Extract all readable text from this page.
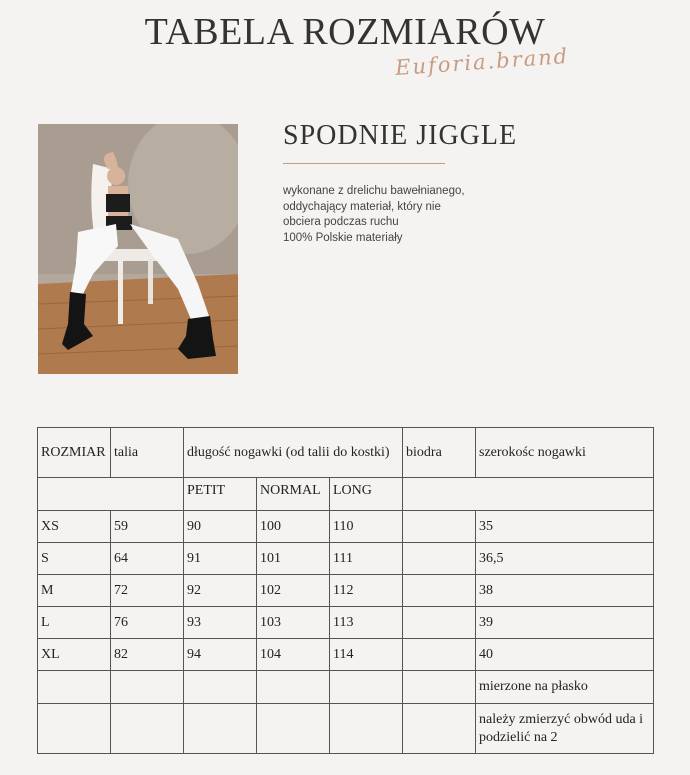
TABELA ROZMIARÓW
Euforia.brand
SPODNIE JIGGLE
wykonane z drelichu bawełnianego,
oddychający materiał, który nie
obciera podczas ruchu
100% Polskie materiały
ROZMIAR	talia	długość nogawki (od talii do kostki)			biodra	szerokośc nogawki
		PETIT	NORMAL	LONG		
XS	59	90	100	110		35
S	64	91	101	111		36,5
M	72	92	102	112		38
L	76	93	103	113		39
XL	82	94	104	114		40
						mierzone na płasko
						należy zmierzyć obwód uda i podzielić na 2
